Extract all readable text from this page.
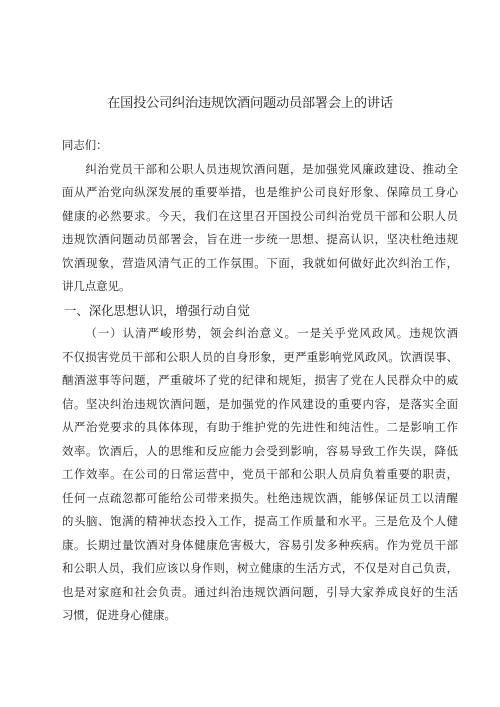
在国投公司纠治违规饮酒问题动员部署会上的讲话
同志们：
纠治党员干部和公职人员违规饮酒问题，是加强党风廉政建设、推动全
面从严治党向纵深发展的重要举措，也是维护公司良好形象、保障员工身心
健康的必然要求。今天，我们在这里召开国投公司纠治党员干部和公职人员
违规饮酒问题动员部署会，旨在进一步统一思想、提高认识，坚决杜绝违规
饮酒现象，营造风清气正的工作氛围。下面，我就如何做好此次纠治工作，
讲几点意见。
一、深化思想认识，增强行动自觉
（一）认清严峻形势，领会纠治意义。一是关乎党风政风。违规饮酒
不仅损害党员干部和公职人员的自身形象，更严重影响党风政风。饮酒误事、
酗酒滋事等问题，严重破坏了党的纪律和规矩，损害了党在人民群众中的威
信。坚决纠治违规饮酒问题，是加强党的作风建设的重要内容，是落实全面
从严治党要求的具体体现，有助于维护党的先进性和纯洁性。二是影响工作
效率。饮酒后，人的思维和反应能力会受到影响，容易导致工作失误，降低
工作效率。在公司的日常运营中，党员干部和公职人员肩负着重要的职责，
任何一点疏忽都可能给公司带来损失。杜绝违规饮酒，能够保证员工以清醒
的头脑、饱满的精神状态投入工作，提高工作质量和水平。三是危及个人健
康。长期过量饮酒对身体健康危害极大，容易引发多种疾病。作为党员干部
和公职人员，我们应该以身作则，树立健康的生活方式，不仅是对自己负责，
也是对家庭和社会负责。通过纠治违规饮酒问题，引导大家养成良好的生活
习惯，促进身心健康。
